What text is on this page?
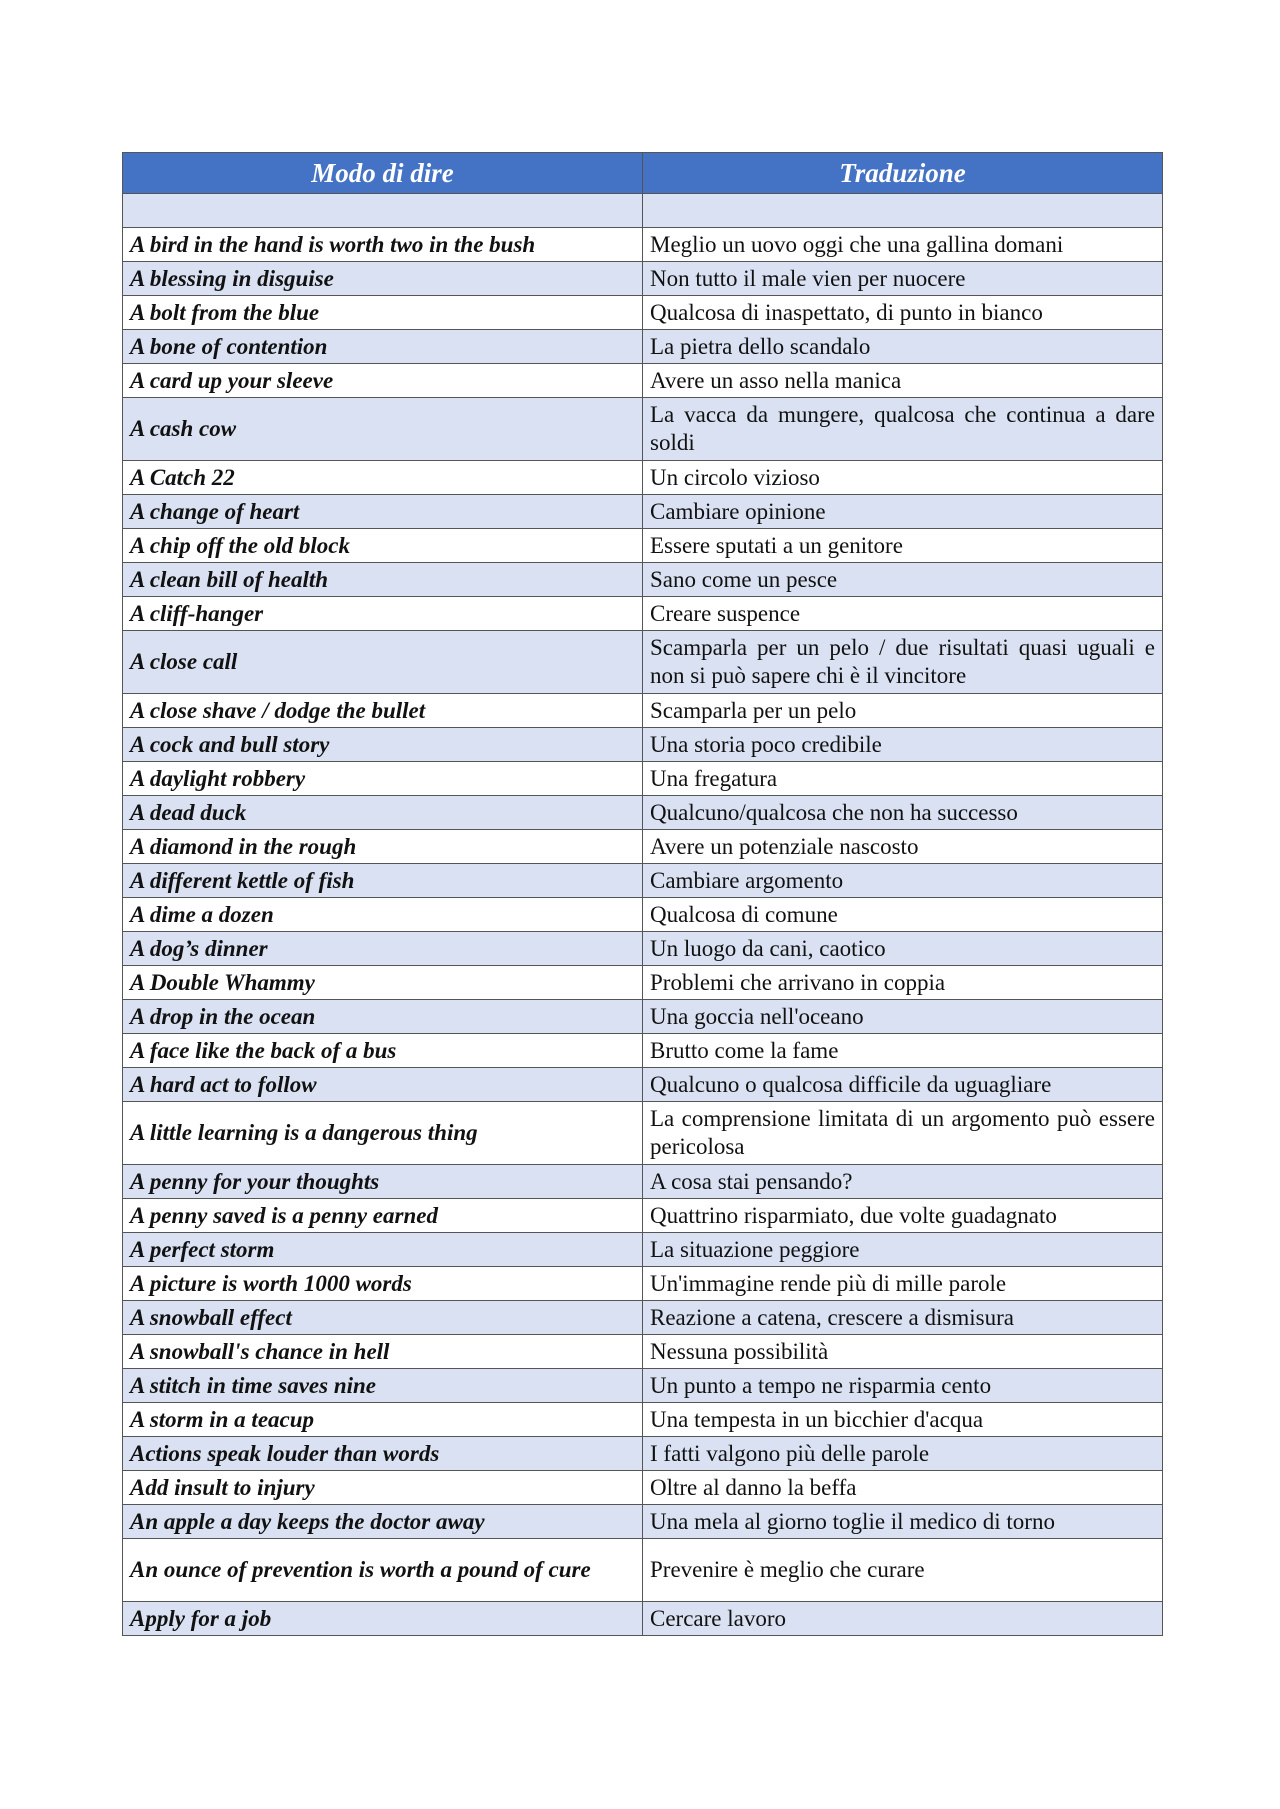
Modo di dire	Traduzione

A bird in the hand is worth two in the bush	Meglio un uovo oggi che una gallina domani
A blessing in disguise	Non tutto il male vien per nuocere
A bolt from the blue	Qualcosa di inaspettato, di punto in bianco
A bone of contention	La pietra dello scandalo
A card up your sleeve	Avere un asso nella manica
A cash cow	La vacca da mungere, qualcosa che continua a dare soldi
A Catch 22	Un circolo vizioso
A change of heart	Cambiare opinione
A chip off the old block	Essere sputati a un genitore
A clean bill of health	Sano come un pesce
A cliff-hanger	Creare suspence
A close call	Scamparla per un pelo / due risultati quasi uguali e non si può sapere chi è il vincitore
A close shave / dodge the bullet	Scamparla per un pelo
A cock and bull story	Una storia poco credibile
A daylight robbery	Una fregatura
A dead duck	Qualcuno/qualcosa che non ha successo
A diamond in the rough	Avere un potenziale nascosto
A different kettle of fish	Cambiare argomento
A dime a dozen	Qualcosa di comune
A dog’s dinner	Un luogo da cani, caotico
A Double Whammy	Problemi che arrivano in coppia
A drop in the ocean	Una goccia nell'oceano
A face like the back of a bus	Brutto come la fame
A hard act to follow	Qualcuno o qualcosa difficile da uguagliare
A little learning is a dangerous thing	La comprensione limitata di un argomento può essere pericolosa
A penny for your thoughts	A cosa stai pensando?
A penny saved is a penny earned	Quattrino risparmiato, due volte guadagnato
A perfect storm	La situazione peggiore
A picture is worth 1000 words	Un'immagine rende più di mille parole
A snowball effect	Reazione a catena, crescere a dismisura
A snowball's chance in hell	Nessuna possibilità
A stitch in time saves nine	Un punto a tempo ne risparmia cento
A storm in a teacup	Una tempesta in un bicchier d'acqua
Actions speak louder than words	I fatti valgono più delle parole
Add insult to injury	Oltre al danno la beffa
An apple a day keeps the doctor away	Una mela al giorno toglie il medico di torno
An ounce of prevention is worth a pound of cure	Prevenire è meglio che curare
Apply for a job	Cercare lavoro
